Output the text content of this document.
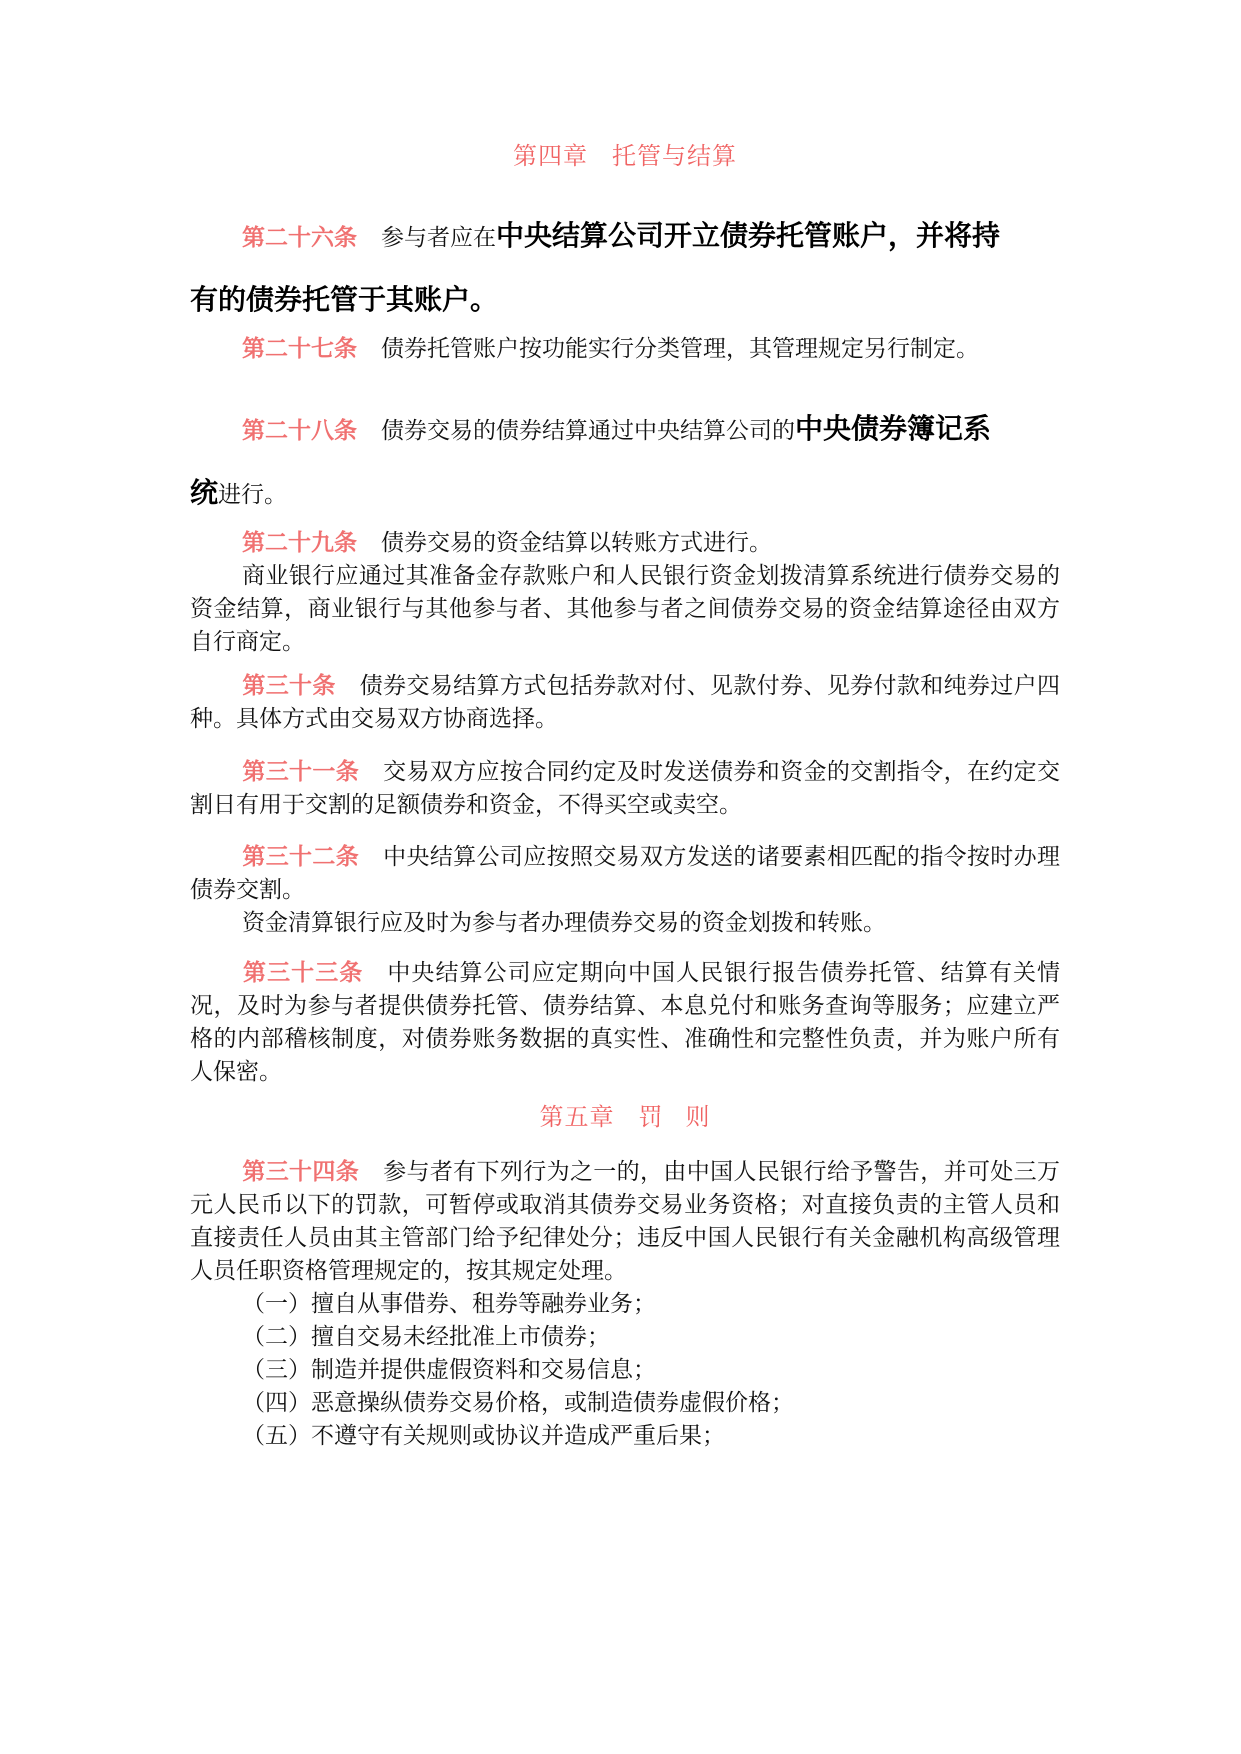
第四章 托管与结算
第二十六条 参与者应在中央结算公司开立债券托管账户，并将持
有的债券托管于其账户。
第二十七条 债券托管账户按功能实行分类管理，其管理规定另行制定。
第二十八条 债券交易的债券结算通过中央结算公司的中央债券簿记系
统进行。
第二十九条 债券交易的资金结算以转账方式进行。
商业银行应通过其准备金存款账户和人民银行资金划拨清算系统进行债券交易的资金结算，商业银行与其他参与者、其他参与者之间债券交易的资金结算途径由双方自行商定。
第三十条 债券交易结算方式包括券款对付、见款付券、见券付款和纯券过户四种。具体方式由交易双方协商选择。
第三十一条 交易双方应按合同约定及时发送债券和资金的交割指令，在约定交割日有用于交割的足额债券和资金，不得买空或卖空。
第三十二条 中央结算公司应按照交易双方发送的诸要素相匹配的指令按时办理债券交割。
资金清算银行应及时为参与者办理债券交易的资金划拨和转账。
第三十三条 中央结算公司应定期向中国人民银行报告债券托管、结算有关情况，及时为参与者提供债券托管、债券结算、本息兑付和账务查询等服务；应建立严格的内部稽核制度，对债券账务数据的真实性、准确性和完整性负责，并为账户所有人保密。
第五章 罚 则
第三十四条 参与者有下列行为之一的，由中国人民银行给予警告，并可处三万元人民币以下的罚款，可暂停或取消其债券交易业务资格；对直接负责的主管人员和直接责任人员由其主管部门给予纪律处分；违反中国人民银行有关金融机构高级管理人员任职资格管理规定的，按其规定处理。
（一）擅自从事借券、租券等融券业务；
（二）擅自交易未经批准上市债券；
（三）制造并提供虚假资料和交易信息；
（四）恶意操纵债券交易价格，或制造债券虚假价格；
（五）不遵守有关规则或协议并造成严重后果；
